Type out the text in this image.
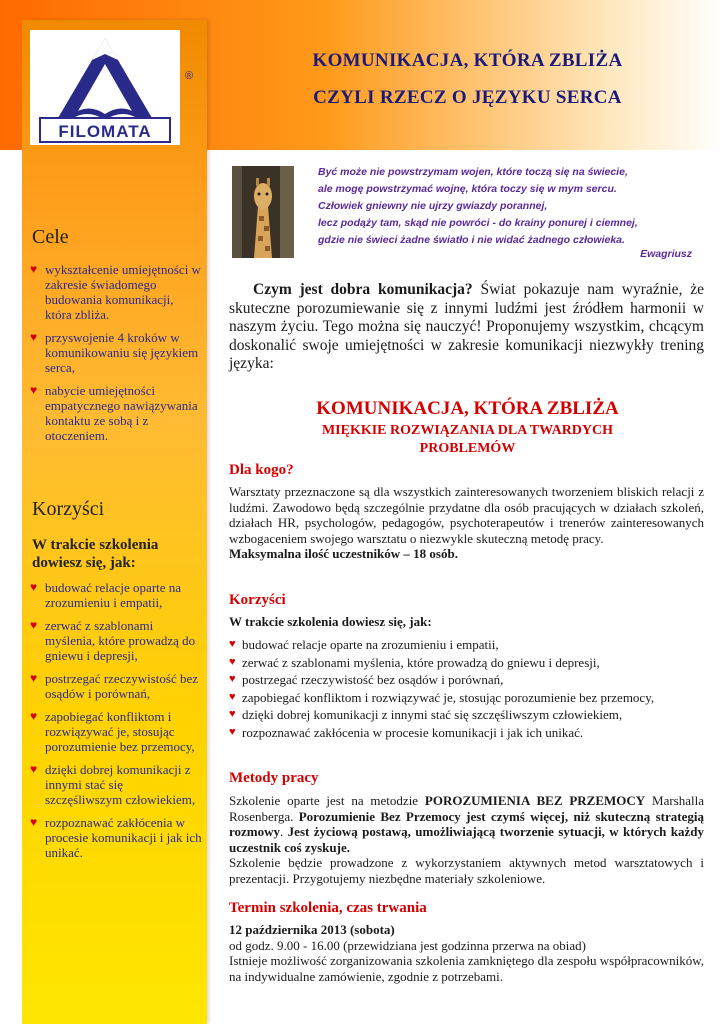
FILOMATA
®
KOMUNIKACJA, KTÓRA ZBLIŻA
CZYLI RZECZ O JĘZYKU SERCA
Cele
♥ wykształcenie umiejętności w zakresie świadomego budowania komunikacji, która zbliża.
♥ przyswojenie 4 kroków w komunikowaniu się językiem serca,
♥ nabycie umiejętności empatycznego nawiązywania kontaktu ze sobą i z otoczeniem.
Korzyści
W trakcie szkolenia dowiesz się, jak:
♥ budować relacje oparte na zrozumieniu i empatii,
♥ zerwać z szablonami myślenia, które prowadzą do gniewu i depresji,
♥ postrzegać rzeczywistość bez osądów i porównań,
♥ zapobiegać konfliktom i rozwiązywać je, stosując porozumienie bez przemocy,
♥ dzięki dobrej komunikacji z innymi stać się szczęśliwszym człowiekiem,
♥ rozpoznawać zakłócenia w procesie komunikacji i jak ich unikać.
Być może nie powstrzymam wojen, które toczą się na świecie,
ale mogę powstrzymać wojnę, która toczy się w mym sercu.
Człowiek gniewny nie ujrzy gwiazdy porannej,
lecz podąży tam, skąd nie powróci - do krainy ponurej i ciemnej,
gdzie nie świeci żadne światło i nie widać żadnego człowieka.
Ewagriusz
Czym jest dobra komunikacja? Świat pokazuje nam wyraźnie, że skuteczne porozumiewanie się z innymi ludźmi jest źródłem harmonii w naszym życiu. Tego można się nauczyć! Proponujemy wszystkim, chcącym doskonalić swoje umiejętności w zakresie komunikacji niezwykły trening języka:
KOMUNIKACJA, KTÓRA ZBLIŻA
MIĘKKIE ROZWIĄZANIA DLA TWARDYCH
PROBLEMÓW
Dla kogo?
Warsztaty przeznaczone są dla wszystkich zainteresowanych tworzeniem bliskich relacji z ludźmi. Zawodowo będą szczególnie przydatne dla osób pracujących w działach szkoleń, działach HR, psychologów, pedagogów, psychoterapeutów i trenerów zainteresowanych wzbogaceniem swojego warsztatu o niezwykle skuteczną metodę pracy.
Maksymalna ilość uczestników – 18 osób.
Korzyści
W trakcie szkolenia dowiesz się, jak:
♥ budować relacje oparte na zrozumieniu i empatii,
♥ zerwać z szablonami myślenia, które prowadzą do gniewu i depresji,
♥ postrzegać rzeczywistość bez osądów i porównań,
♥ zapobiegać konfliktom i rozwiązywać je, stosując porozumienie bez przemocy,
♥ dzięki dobrej komunikacji z innymi stać się szczęśliwszym człowiekiem,
♥ rozpoznawać zakłócenia w procesie komunikacji i jak ich unikać.
Metody pracy
Szkolenie oparte jest na metodzie POROZUMIENIA BEZ PRZEMOCY Marshalla Rosenberga. Porozumienie Bez Przemocy jest czymś więcej, niż skuteczną strategią rozmowy. Jest życiową postawą, umożliwiającą tworzenie sytuacji, w których każdy uczestnik coś zyskuje.
Szkolenie będzie prowadzone z wykorzystaniem aktywnych metod warsztatowych i prezentacji. Przygotujemy niezbędne materiały szkoleniowe.
Termin szkolenia, czas trwania
12 października 2013 (sobota)
od godz. 9.00 - 16.00 (przewidziana jest godzinna przerwa na obiad)
Istnieje możliwość zorganizowania szkolenia zamkniętego dla zespołu współpracowników, na indywidualne zamówienie, zgodnie z potrzebami.
